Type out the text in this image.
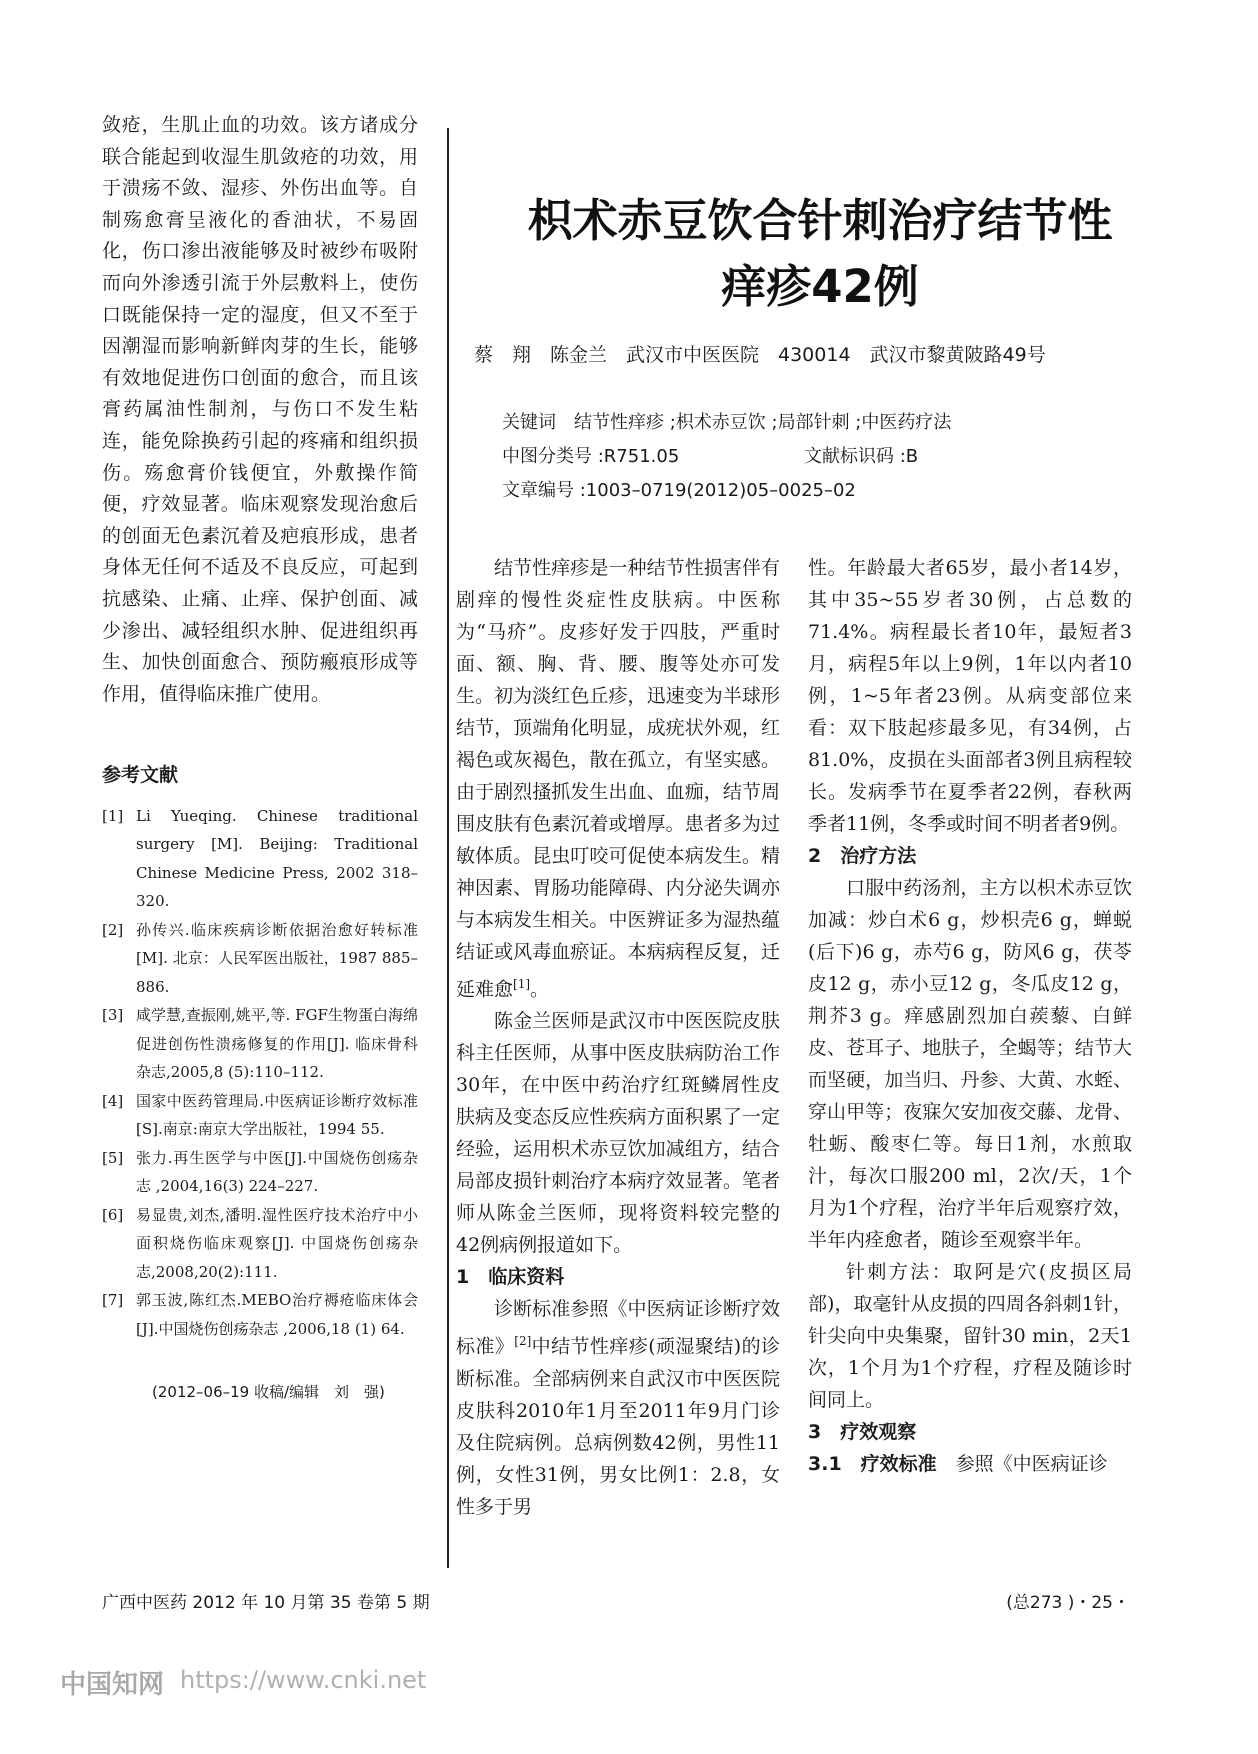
敛疮，生肌止血的功效。该方诸成分联合能起到收湿生肌敛疮的功效，用于溃疡不敛、湿疹、外伤出血等。自制殇愈膏呈液化的香油状，不易固化，伤口渗出液能够及时被纱布吸附而向外渗透引流于外层敷料上，使伤口既能保持一定的湿度，但又不至于因潮湿而影响新鲜肉芽的生长，能够有效地促进伤口创面的愈合，而且该膏药属油性制剂，与伤口不发生粘连，能免除换药引起的疼痛和组织损伤。殇愈膏价钱便宜，外敷操作简便，疗效显著。临床观察发现治愈后的创面无色素沉着及疤痕形成，患者身体无任何不适及不良反应，可起到抗感染、止痛、止痒、保护创面、减少渗出、减轻组织水肿、促进组织再生、加快创面愈合、预防瘢痕形成等作用，值得临床推广使用。

参考文献
[1] Li Yueqing. Chinese traditional surgery [M]. Beijing: Traditional Chinese Medicine Press, 2002 318–320.
[2] 孙传兴.临床疾病诊断依据治愈好转标准[M]. 北京：人民军医出版社，1987 885–886.
[3] 咸学慧,查振刚,姚平,等. FGF生物蛋白海绵促进创伤性溃疡修复的作用[J]. 临床骨科杂志,2005,8 (5):110–112.
[4] 国家中医药管理局.中医病证诊断疗效标准[S].南京:南京大学出版社，1994 55.
[5] 张力.再生医学与中医[J].中国烧伤创疡杂志 ,2004,16(3) 224–227.
[6] 易显贵,刘杰,潘明.湿性医疗技术治疗中小面积烧伤临床观察[J]. 中国烧伤创疡杂志,2008,20(2):111.
[7] 郭玉波,陈红杰.MEBO治疗褥疮临床体会[J].中国烧伤创疡杂志 ,2006,18 (1) 64.
(2012–06–19 收稿/编辑　刘　强)
枳术赤豆饮合针刺治疗结节性
痒疹42例
蔡　翔　陈金兰　武汉市中医医院　430014　武汉市黎黄陂路49号
关键词　结节性痒疹 ;枳术赤豆饮 ;局部针刺 ;中医药疗法
中图分类号 :R751.05	文献标识码 :B
文章编号 :1003–0719(2012)05–0025–02

结节性痒疹是一种结节性损害伴有剧痒的慢性炎症性皮肤病。中医称为“马疥”。皮疹好发于四肢，严重时面、额、胸、背、腰、腹等处亦可发生。初为淡红色丘疹，迅速变为半球形结节，顶端角化明显，成疣状外观，红褐色或灰褐色，散在孤立，有坚实感。由于剧烈搔抓发生出血、血痂，结节周围皮肤有色素沉着或增厚。患者多为过敏体质。昆虫叮咬可促使本病发生。精神因素、胃肠功能障碍、内分泌失调亦与本病发生相关。中医辨证多为湿热蕴结证或风毒血瘀证。本病病程反复，迁延难愈[1]。

陈金兰医师是武汉市中医医院皮肤科主任医师，从事中医皮肤病防治工作30年，在中医中药治疗红斑鳞屑性皮肤病及变态反应性疾病方面积累了一定经验，运用枳术赤豆饮加减组方，结合局部皮损针刺治疗本病疗效显著。笔者师从陈金兰医师，现将资料较完整的42例病例报道如下。

1　临床资料

诊断标准参照《中医病证诊断疗效标准》[2]中结节性痒疹(顽湿聚结)的诊断标准。全部病例来自武汉市中医医院皮肤科2010年1月至2011年9月门诊及住院病例。总病例数42例，男性11例，女性31例，男女比例1：2.8，女性多于男

性。年龄最大者65岁，最小者14岁，其中35~55岁者30例，占总数的71.4%。病程最长者10年，最短者3月，病程5年以上9例，1年以内者10例，1~5年者23例。从病变部位来看：双下肢起疹最多见，有34例，占81.0%，皮损在头面部者3例且病程较长。发病季节在夏季者22例，春秋两季者11例，冬季或时间不明者者9例。

2　治疗方法

口服中药汤剂，主方以枳术赤豆饮加减：炒白术6 g，炒枳壳6 g，蝉蜕(后下)6 g，赤芍6 g，防风6 g，茯苓皮12 g，赤小豆12 g，冬瓜皮12 g，荆芥3 g。痒感剧烈加白蒺藜、白鲜皮、苍耳子、地肤子，全蝎等；结节大而坚硬，加当归、丹参、大黄、水蛭、穿山甲等；夜寐欠安加夜交藤、龙骨、牡蛎、酸枣仁等。每日1剂，水煎取汁，每次口服200 ml，2次/天，1个月为1个疗程，治疗半年后观察疗效，半年内痊愈者，随诊至观察半年。

针刺方法：取阿是穴(皮损区局部)，取毫针从皮损的四周各斜刺1针，针尖向中央集聚，留针30 min，2天1次，1个月为1个疗程，疗程及随诊时间同上。

3　疗效观察

3.1　疗效标准　参照《中医病证诊

广西中医药 2012 年 10 月第 35 卷第 5 期	(总273 )・25・
中国知网 https://www.cnki.net
